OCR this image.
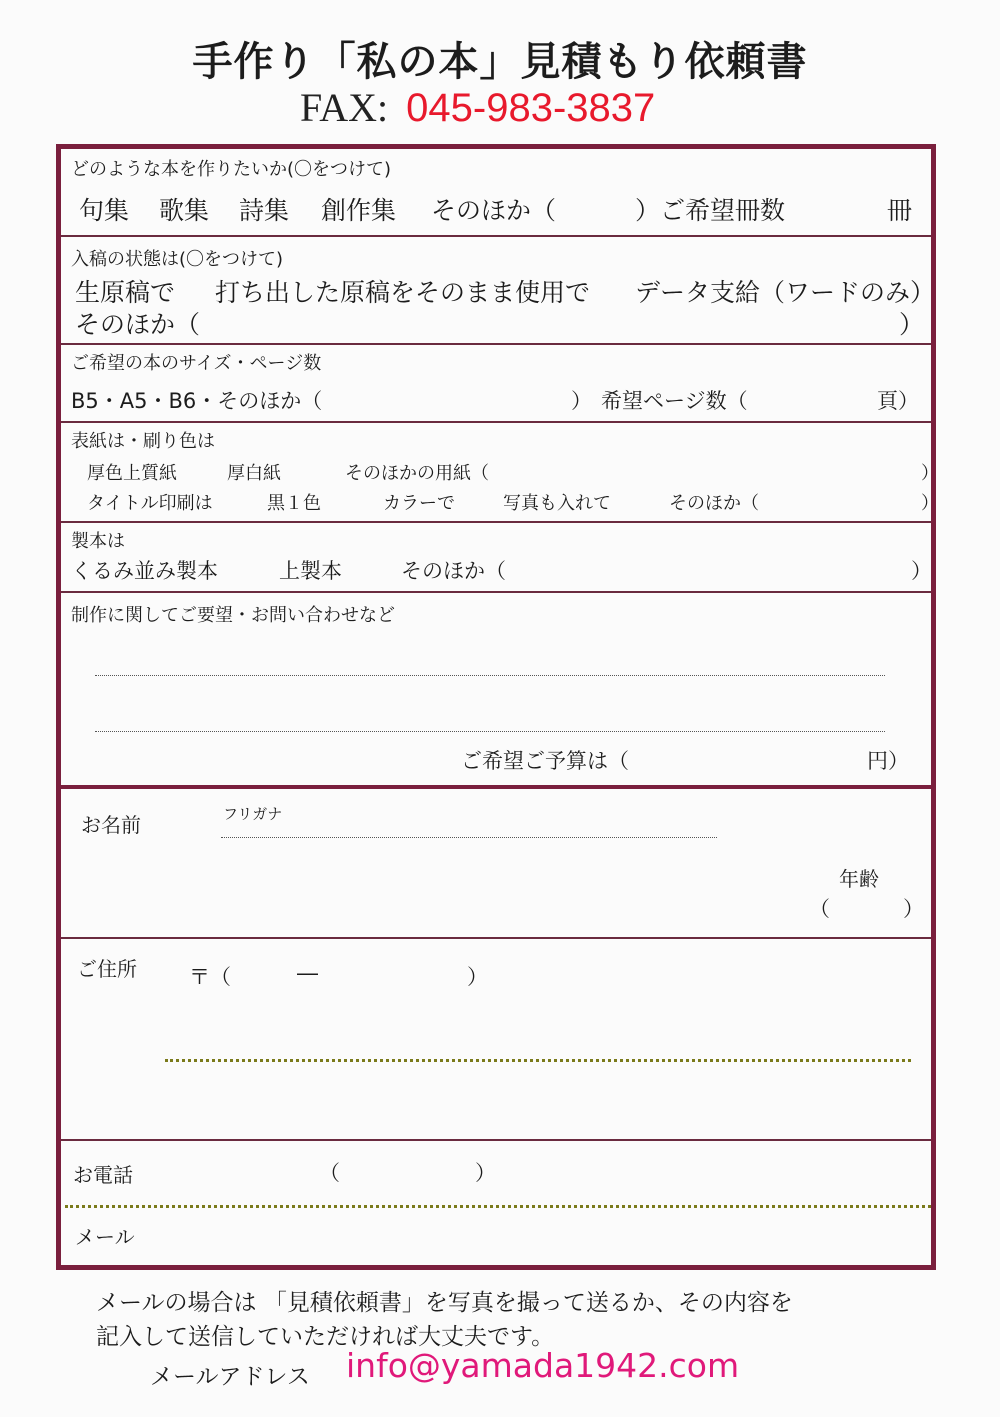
手作り「私の本」見積もり依頼書
FAX: 045-983-3837
どのような本を作りたいか(〇をつけて)
句集 歌集 詩集 創作集 そのほか（	）ご希望冊数	冊
入稿の状態は(〇をつけて)
生原稿で 打ち出した原稿をそのまま使用で データ支給（ワードのみ）
そのほか（	）
ご希望の本のサイズ・ページ数
B5・A5・B6・そのほか（	） 希望ページ数（	頁）
表紙は・刷り色は
厚色上質紙	厚白紙	そのほかの用紙（	）
タイトル印刷は	黒１色	カラーで	写真も入れて	そのほか（	）
製本は
くるみ並み製本	上製本	そのほか（	）
制作に関してご要望・お問い合わせなど
ご希望ご予算は（	円）
お名前	フリガナ
年齢
（	）
ご住所 〒（	―	）
お電話	（	）
メール
メールの場合は 「見積依頼書」を写真を撮って送るか、その内容を
記入して送信していただければ大丈夫です。
メールアドレス info@yamada1942.com
